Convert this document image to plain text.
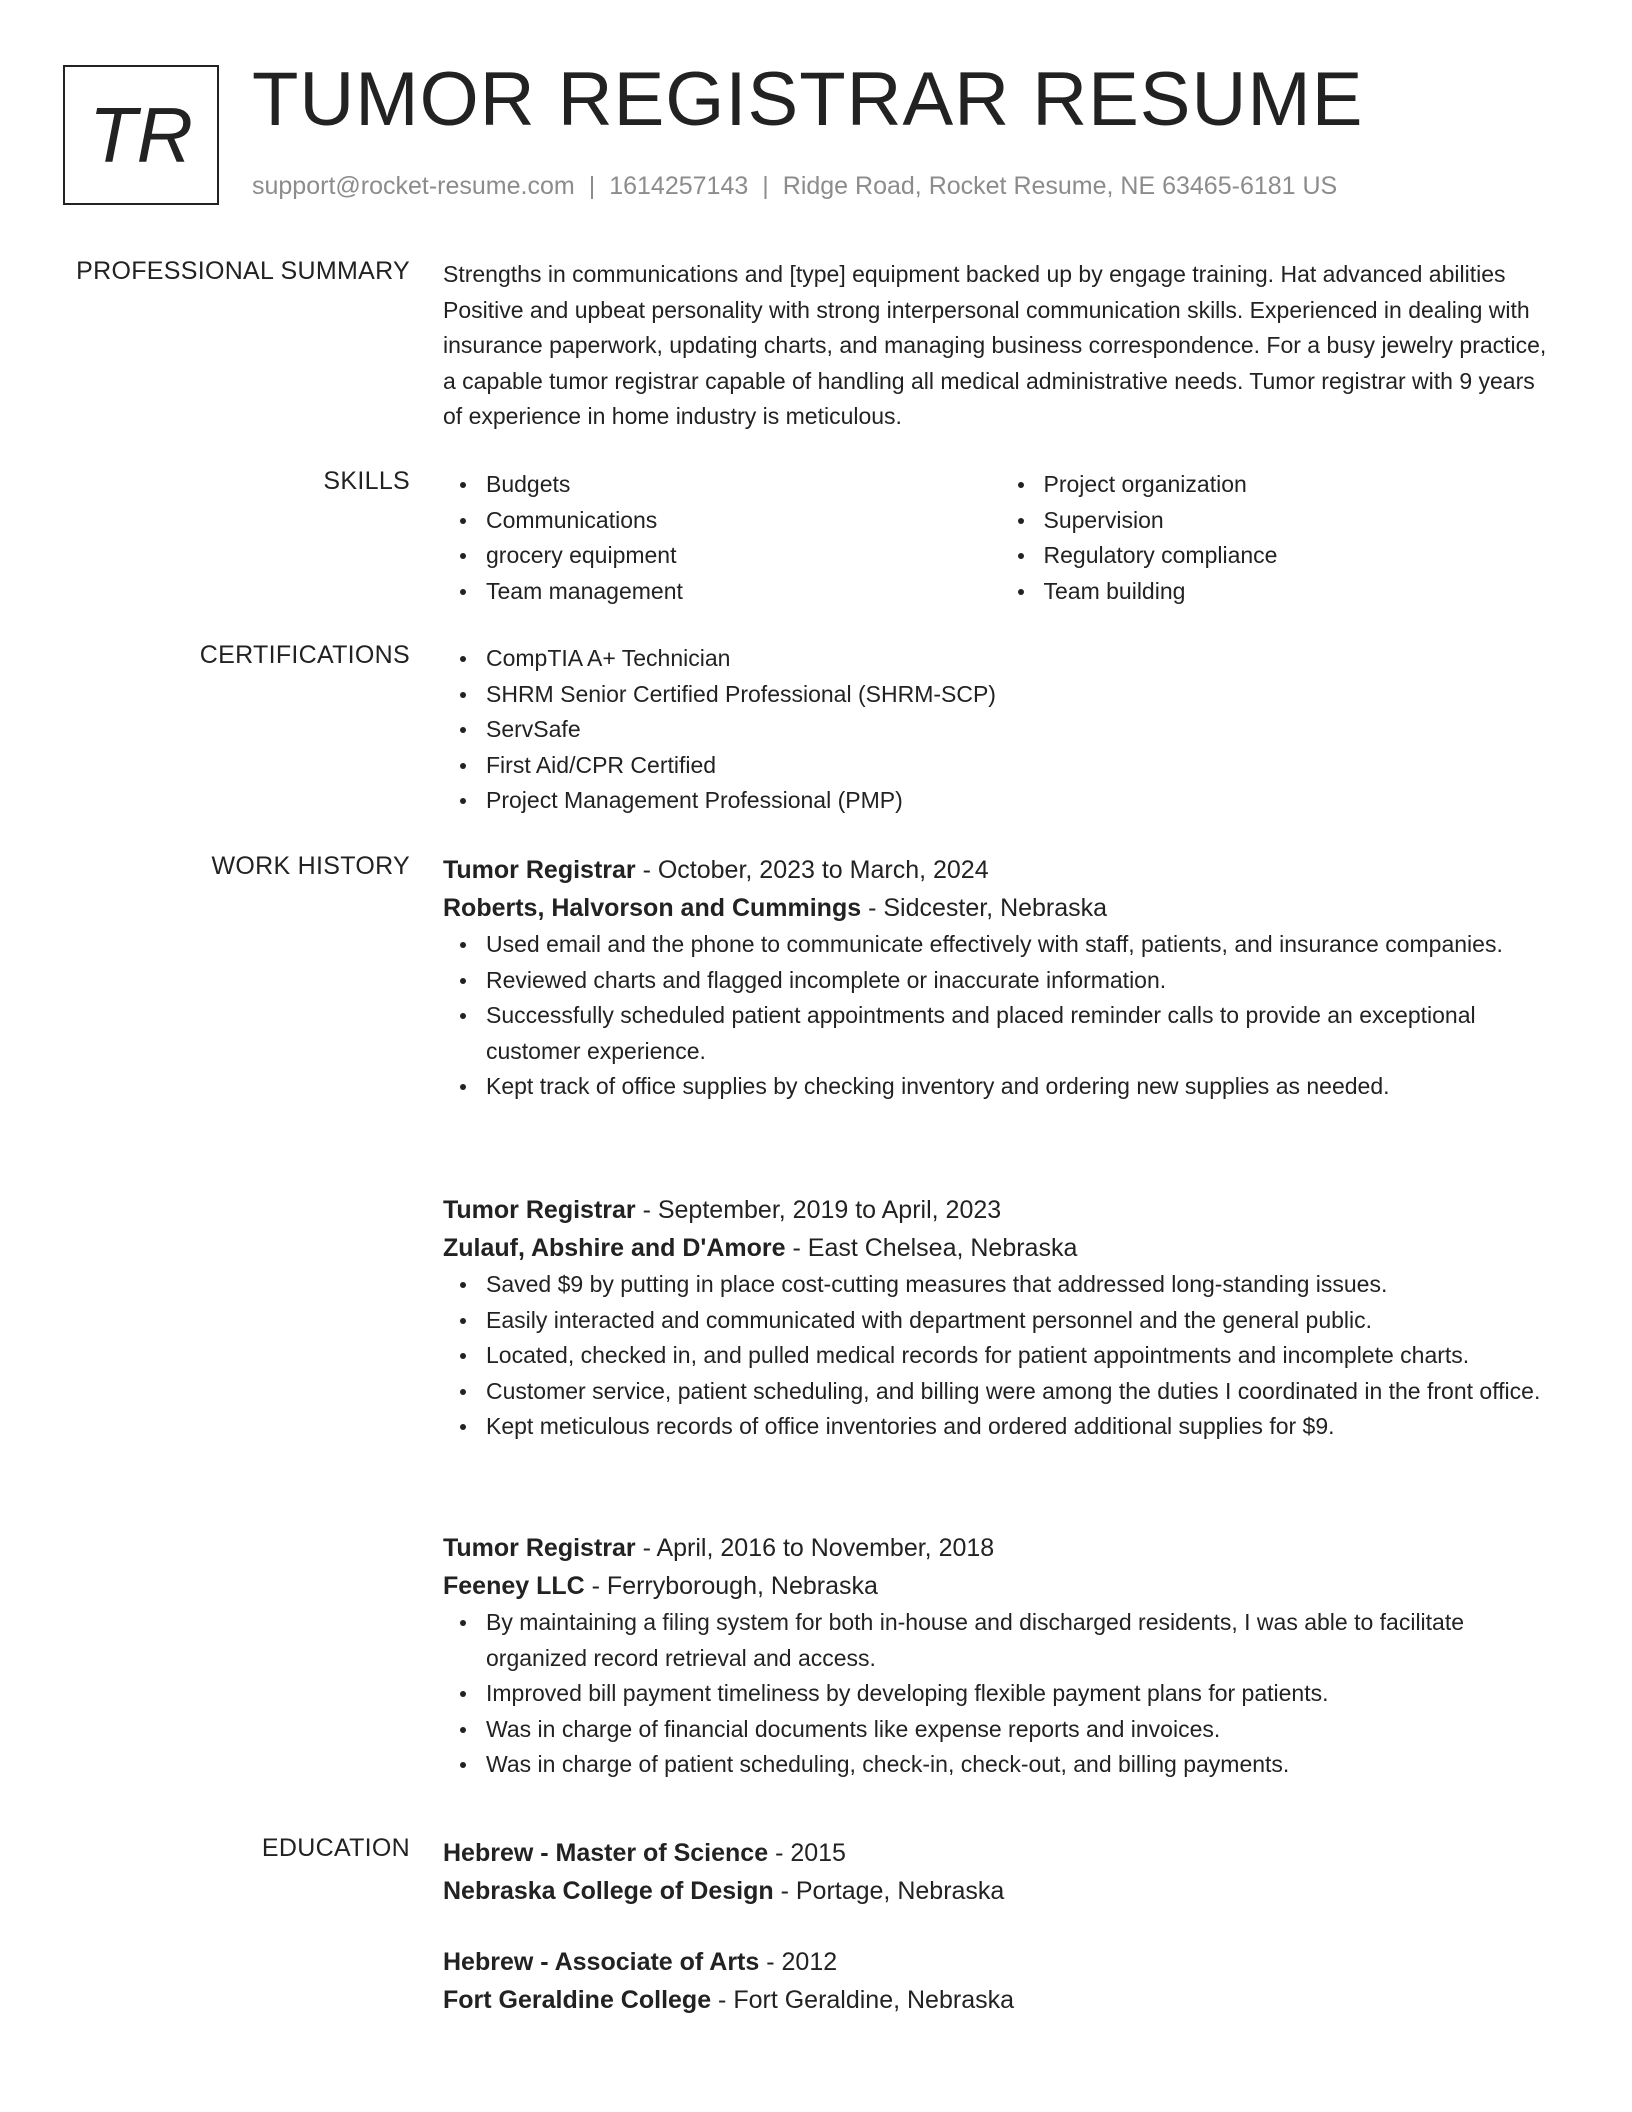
TR TUMOR REGISTRAR RESUME
support@rocket-resume.com | 1614257143 | Ridge Road, Rocket Resume, NE 63465-6181 US
PROFESSIONAL SUMMARY Strengths in communications and [type] equipment backed up by engage training. Hat advanced abilities Positive and upbeat personality with strong interpersonal communication skills. Experienced in dealing with insurance paperwork, updating charts, and managing business correspondence. For a busy jewelry practice, a capable tumor registrar capable of handling all medical administrative needs. Tumor registrar with 9 years of experience in home industry is meticulous.

SKILLS	Budgets
Communications
grocery equipment
Team management
Project organization
Supervision
Regulatory compliance
Team building
CERTIFICATIONS	CompTIA A+ Technician
SHRM Senior Certified Professional (SHRM-SCP)
ServSafe
First Aid/CPR Certified
Project Management Professional (PMP)
WORK HISTORY Tumor Registrar - October, 2023 to March, 2024
Roberts, Halvorson and Cummings - Sidcester, Nebraska
Used email and the phone to communicate effectively with staff, patients, and insurance companies.
Reviewed charts and flagged incomplete or inaccurate information.
Successfully scheduled patient appointments and placed reminder calls to provide an exceptional customer experience.
Kept track of office supplies by checking inventory and ordering new supplies as needed.
Tumor Registrar - September, 2019 to April, 2023
Zulauf, Abshire and D'Amore - East Chelsea, Nebraska
Saved $9 by putting in place cost-cutting measures that addressed long-standing issues.
Easily interacted and communicated with department personnel and the general public.
Located, checked in, and pulled medical records for patient appointments and incomplete charts.
Customer service, patient scheduling, and billing were among the duties I coordinated in the front office.
Kept meticulous records of office inventories and ordered additional supplies for $9.
Tumor Registrar - April, 2016 to November, 2018
Feeney LLC - Ferryborough, Nebraska
By maintaining a filing system for both in-house and discharged residents, I was able to facilitate organized record retrieval and access.
Improved bill payment timeliness by developing flexible payment plans for patients.
Was in charge of financial documents like expense reports and invoices.
Was in charge of patient scheduling, check-in, check-out, and billing payments.
EDUCATION Hebrew - Master of Science - 2015
Nebraska College of Design - Portage, Nebraska
Hebrew - Associate of Arts - 2012
Fort Geraldine College - Fort Geraldine, Nebraska
